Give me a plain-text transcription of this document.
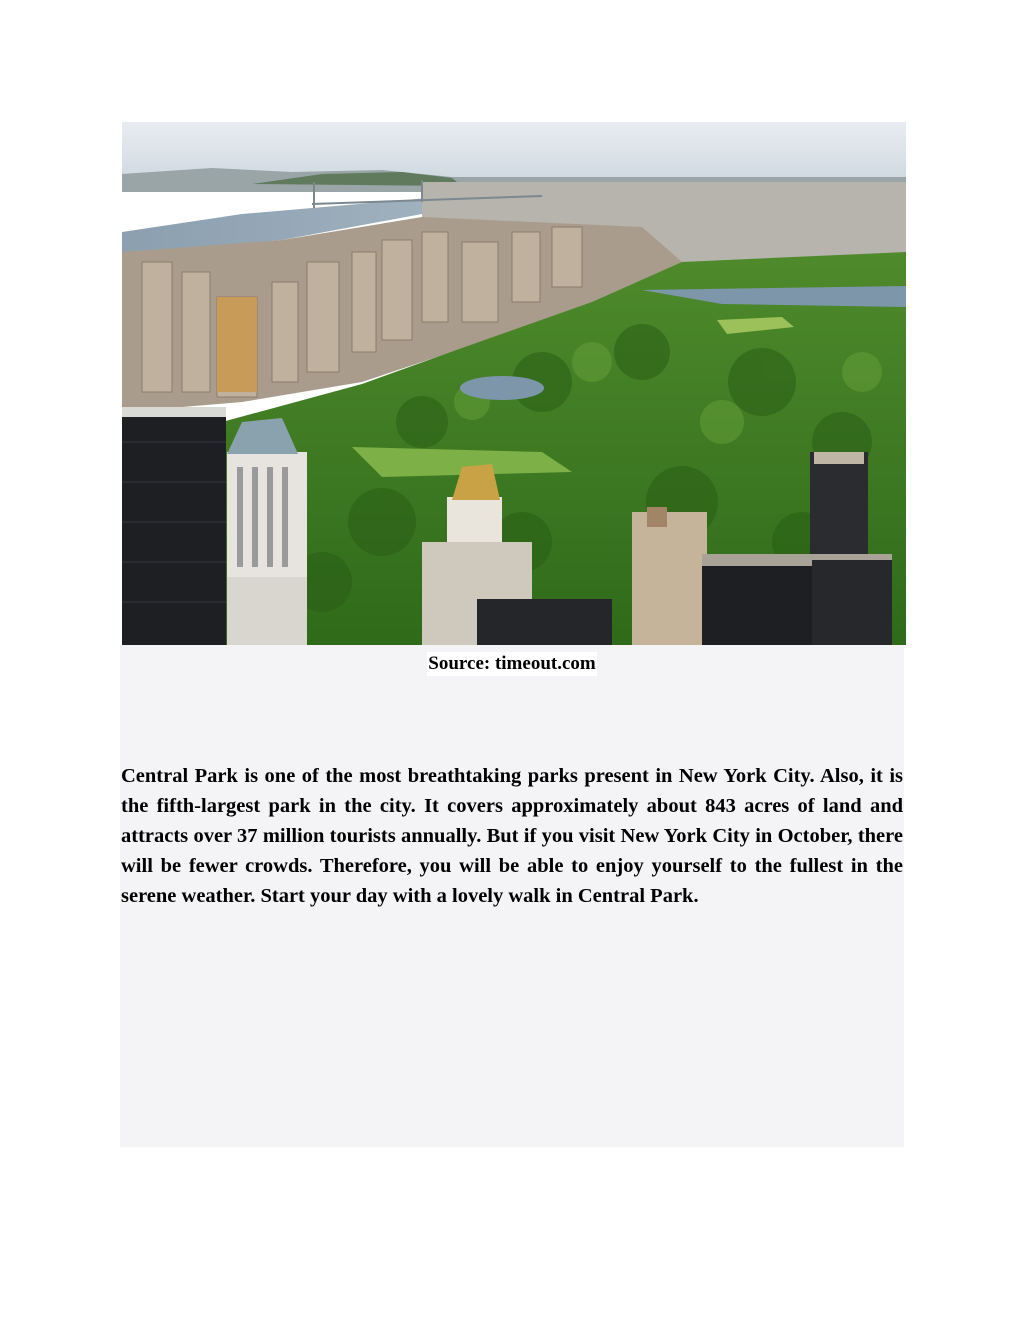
Source: timeout.com

Central Park is one of the most breathtaking parks present in New York City. Also, it is the fifth-largest park in the city. It covers approximately about 843 acres of land and attracts over 37 million tourists annually. But if you visit New York City in October, there will be fewer crowds. Therefore, you will be able to enjoy yourself to the fullest in the serene weather. Start your day with a lovely walk in Central Park.
